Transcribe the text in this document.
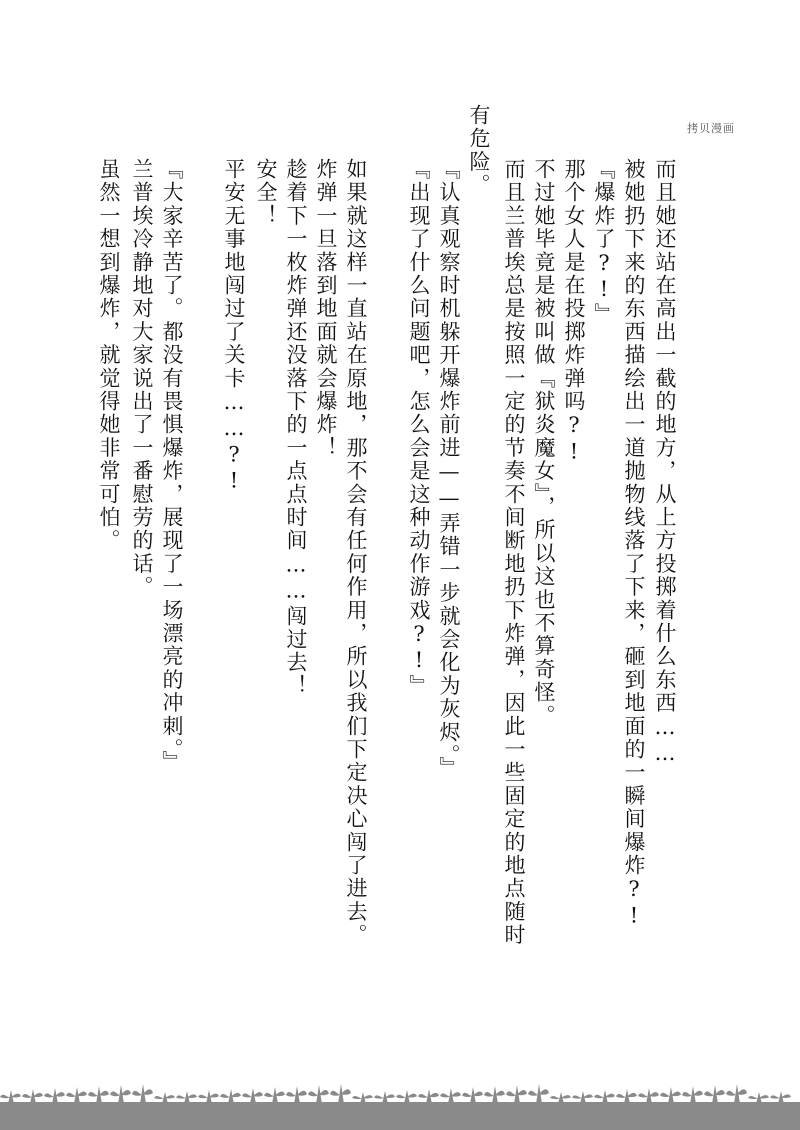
拷贝漫画
而且她还站在高出一截的地方，从上方投掷着什么东西……
被她扔下来的东西描绘出一道抛物线落了下来，砸到地面的一瞬间爆炸?!
『爆炸了?!』
那个女人是在投掷炸弹吗?!
不过她毕竟是被叫做『狱炎魔女』，所以这也不算奇怪。
而且兰普埃总是按照一定的节奏不间断地扔下炸弹，因此一些固定的地点随时
有危险。
『认真观察时机躲开爆炸前进——弄错一步就会化为灰烬。』
『出现了什么问题吧，怎么会是这种动作游戏?!』
如果就这样一直站在原地，那不会有任何作用，所以我们下定决心闯了进去。
炸弹一旦落到地面就会爆炸！
趁着下一枚炸弹还没落下的一点点时间……闯过去！
安全！
平安无事地闯过了关卡……?!
『大家辛苦了。都没有畏惧爆炸，展现了一场漂亮的冲刺。』
兰普埃冷静地对大家说出了一番慰劳的话。
虽然一想到爆炸，就觉得她非常可怕。
